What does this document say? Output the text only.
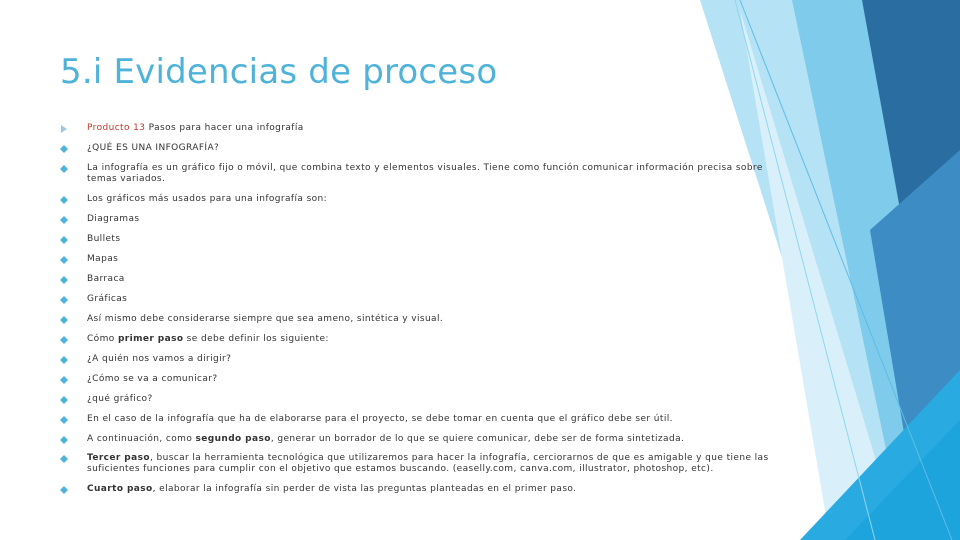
5.i Evidencias de proceso
Producto 13 Pasos para hacer una infografía
¿QUÉ ES UNA INFOGRAFÍA?
La infografía es un gráfico fijo o móvil, que combina texto y elementos visuales. Tiene como función comunicar información precisa sobre temas variados.
Los gráficos más usados para una infografía son:
Diagramas
Bullets
Mapas
Barraca
Gráficas
Así mismo debe considerarse siempre que sea ameno, sintética y visual.
Cómo primer paso se debe definir los siguiente:
¿A quién nos vamos a dirigir?
¿Cómo se va a comunicar?
¿qué gráfico?
En el caso de la infografía que ha de elaborarse para el proyecto, se debe tomar en cuenta que el gráfico debe ser útil.
A continuación, como segundo paso, generar un borrador de lo que se quiere comunicar, debe ser de forma sintetizada.
Tercer paso, buscar la herramienta tecnológica que utilizaremos para hacer la infografía, cerciorarnos de que es amigable y que tiene las suficientes funciones para cumplir con el objetivo que estamos buscando. (easelly.com, canva.com, illustrator, photoshop, etc).
Cuarto paso, elaborar la infografía sin perder de vista las preguntas planteadas en el primer paso.
